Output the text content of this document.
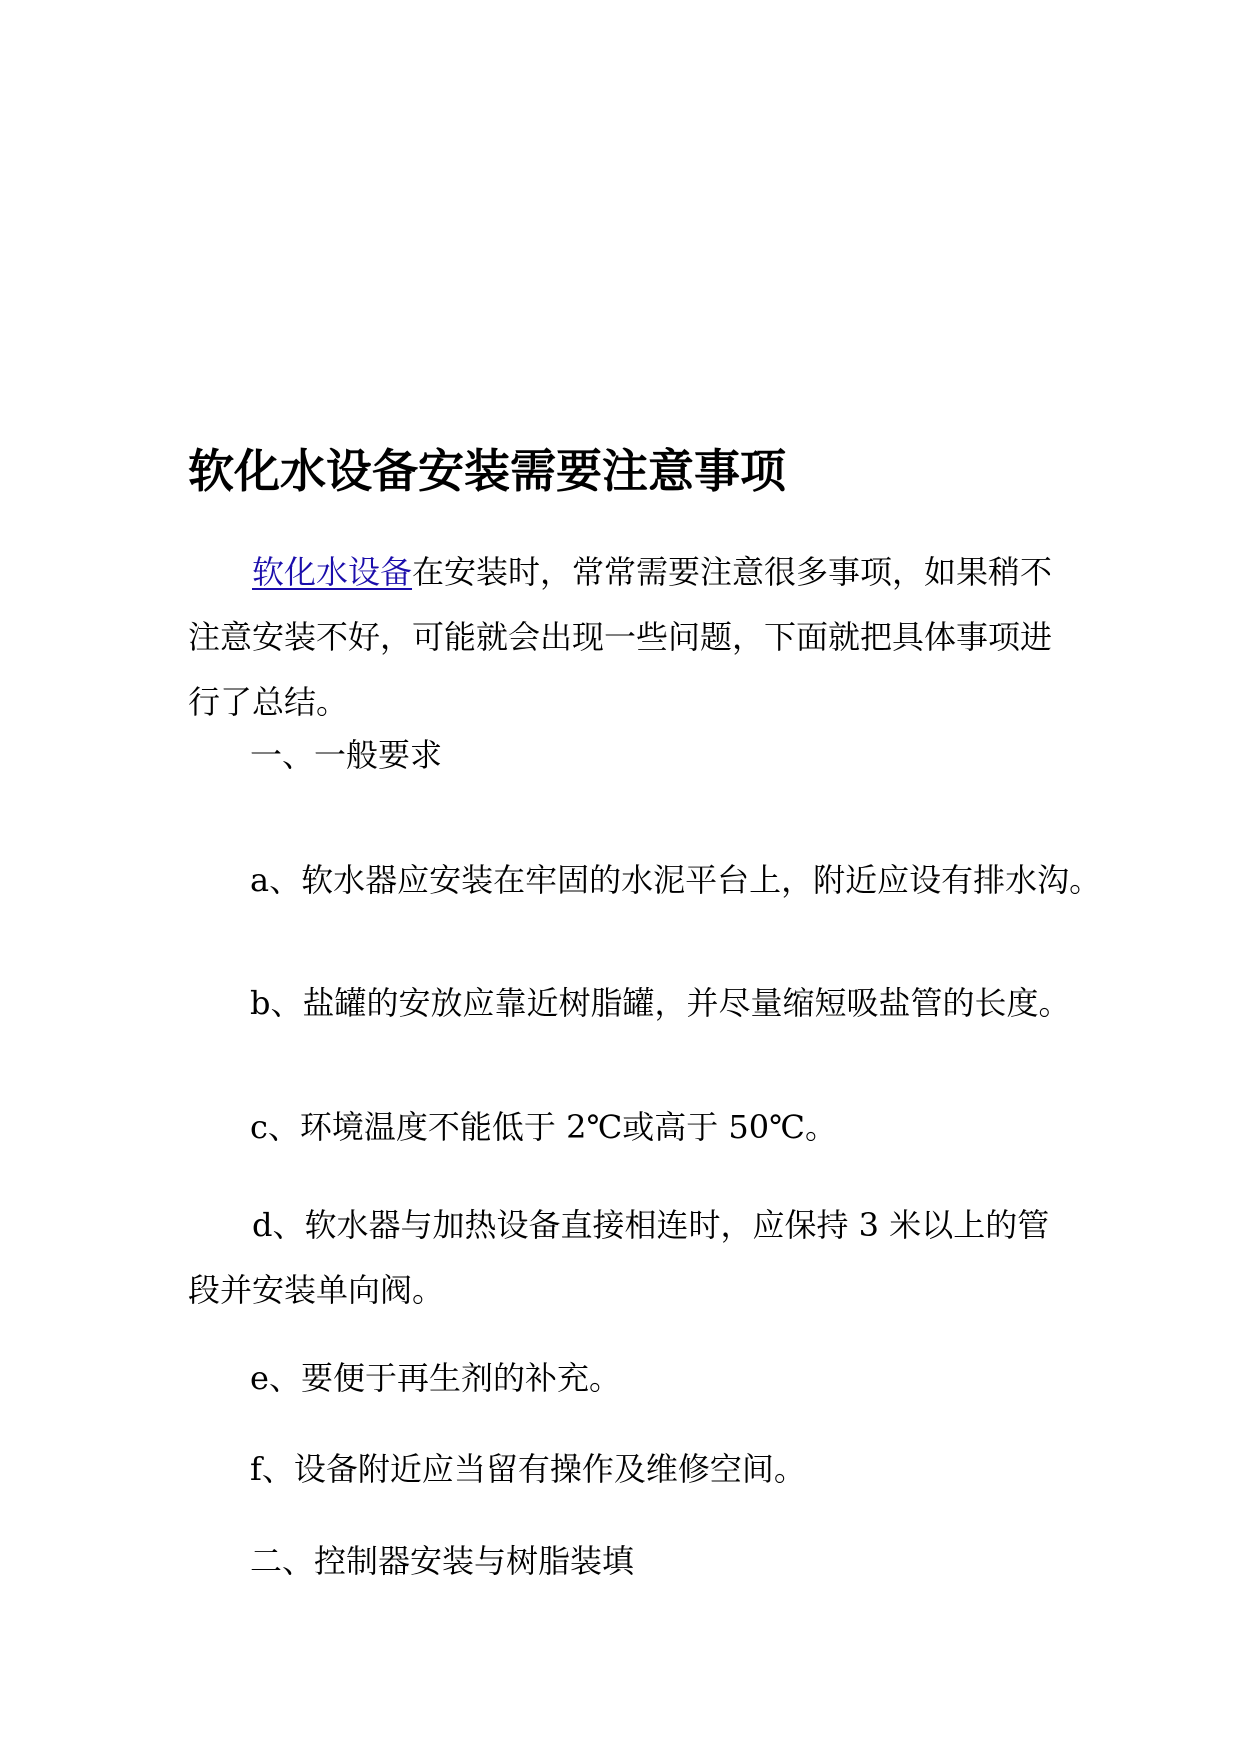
软化水设备安装需要注意事项
软化水设备在安装时，常常需要注意很多事项，如果稍不注意安装不好，可能就会出现一些问题，下面就把具体事项进行了总结。
一、一般要求
a、软水器应安装在牢固的水泥平台上，附近应设有排水沟。
b、盐罐的安放应靠近树脂罐，并尽量缩短吸盐管的长度。
c、环境温度不能低于 2℃或高于 50℃。
d、软水器与加热设备直接相连时，应保持 3 米以上的管段并安装单向阀。
e、要便于再生剂的补充。
f、设备附近应当留有操作及维修空间。
二、控制器安装与树脂装填
